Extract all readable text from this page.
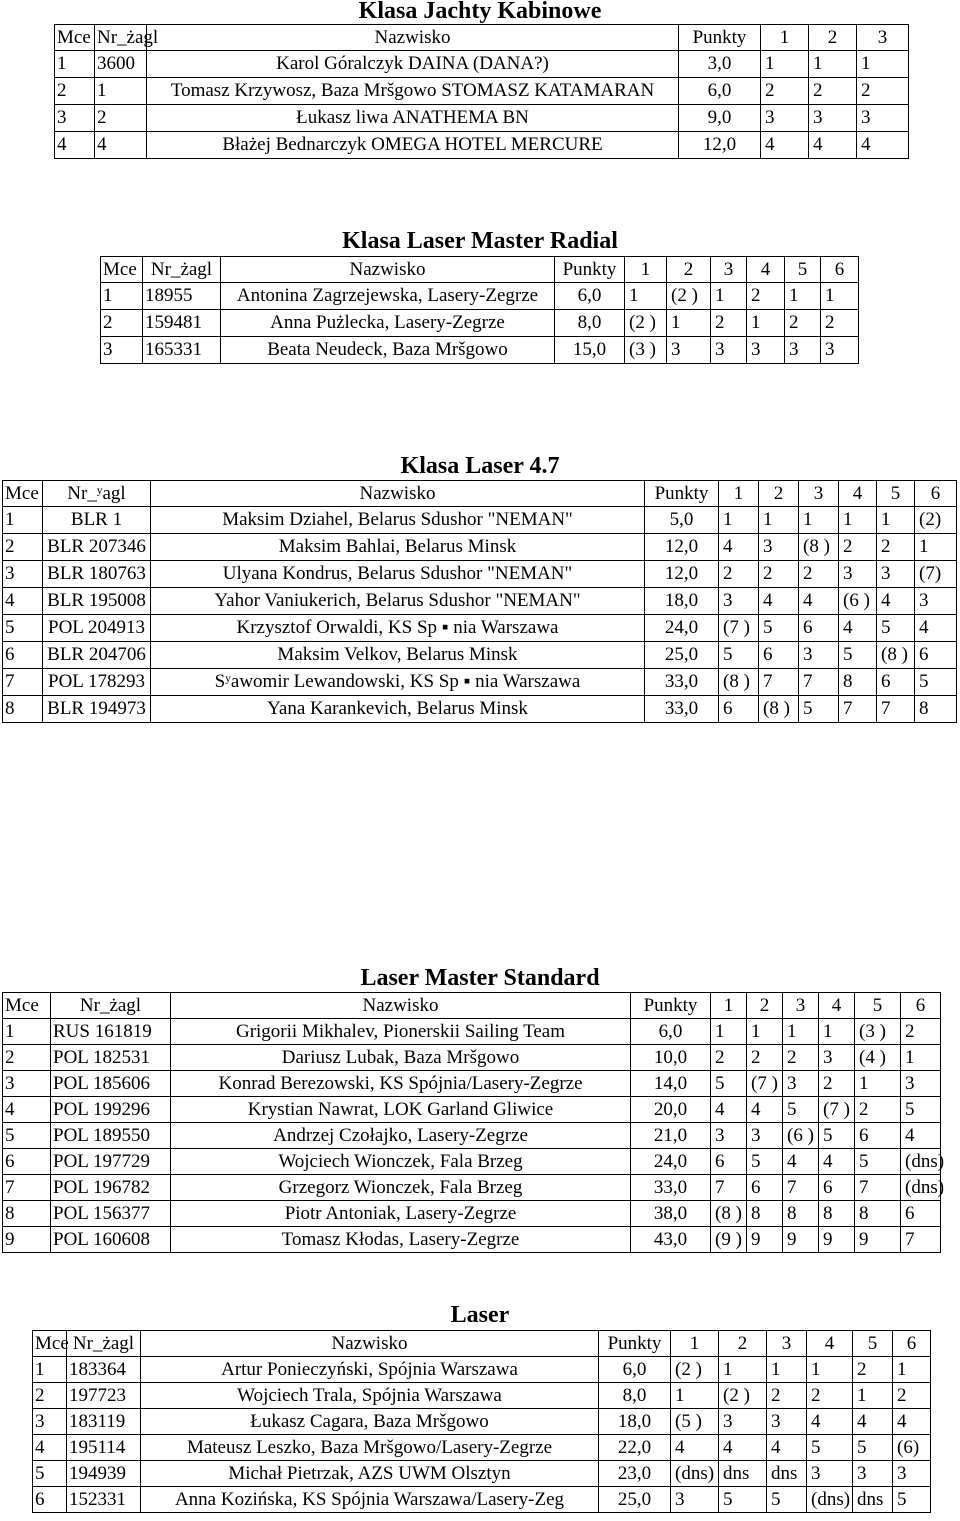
Klasa Jachty Kabinowe
Mce	Nr_żagl	Nazwisko	Punkty	1	2	3
1	3600	Karol Góralczyk DAINA (DANA?)	3,0	1	1	1
2	1	Tomasz Krzywosz, Baza Mršgowo STOMASZ KATAMARAN	6,0	2	2	2
3	2	Łukasz liwa ANATHEMA BN	9,0	3	3	3
4	4	Błażej Bednarczyk OMEGA HOTEL MERCURE	12,0	4	4	4
Klasa Laser Master Radial
Mce	Nr_żagl	Nazwisko	Punkty	1	2	3	4	5	6
1	18955	Antonina Zagrzejewska, Lasery-Zegrze	6,0	1	(2 )	1	2	1	1
2	159481	Anna Pużlecka, Lasery-Zegrze	8,0	(2 )	1	2	1	2	2
3	165331	Beata Neudeck, Baza Mršgowo	15,0	(3 )	3	3	3	3	3
Klasa Laser 4.7
Mce	Nr_ʸagl	Nazwisko	Punkty	1	2	3	4	5	6
1	BLR 1	Maksim Dziahel, Belarus Sdushor "NEMAN"	5,0	1	1	1	1	1	(2)
2	BLR 207346	Maksim Bahlai, Belarus Minsk	12,0	4	3	(8 )	2	2	1
3	BLR 180763	Ulyana Kondrus, Belarus Sdushor "NEMAN"	12,0	2	2	2	3	3	(7)
4	BLR 195008	Yahor Vaniukerich, Belarus Sdushor "NEMAN"	18,0	3	4	4	(6 )	4	3
5	POL 204913	Krzysztof Orwaldi, KS Sp ▪ nia Warszawa	24,0	(7 )	5	6	4	5	4
6	BLR 204706	Maksim Velkov, Belarus Minsk	25,0	5	6	3	5	(8 )	6
7	POL 178293	Sʸawomir Lewandowski, KS Sp ▪ nia Warszawa	33,0	(8 )	7	7	8	6	5
8	BLR 194973	Yana Karankevich, Belarus Minsk	33,0	6	(8 )	5	7	7	8
Laser Master Standard
Mce	Nr_żagl	Nazwisko	Punkty	1	2	3	4	5	6
1	RUS 161819	Grigorii Mikhalev, Pionerskii Sailing Team	6,0	1	1	1	1	(3 )	2
2	POL 182531	Dariusz Lubak, Baza Mršgowo	10,0	2	2	2	3	(4 )	1
3	POL 185606	Konrad Berezowski, KS Spójnia/Lasery-Zegrze	14,0	5	(7 )	3	2	1	3
4	POL 199296	Krystian Nawrat, LOK Garland Gliwice	20,0	4	4	5	(7 )	2	5
5	POL 189550	Andrzej Czołajko, Lasery-Zegrze	21,0	3	3	(6 )	5	6	4
6	POL 197729	Wojciech Wionczek, Fala Brzeg	24,0	6	5	4	4	5	(dns)
7	POL 196782	Grzegorz Wionczek, Fala Brzeg	33,0	7	6	7	6	7	(dns)
8	POL 156377	Piotr Antoniak, Lasery-Zegrze	38,0	(8 )	8	8	8	8	6
9	POL 160608	Tomasz Kłodas, Lasery-Zegrze	43,0	(9 )	9	9	9	9	7
Laser
Mce	Nr_żagl	Nazwisko	Punkty	1	2	3	4	5	6
1	183364	Artur Ponieczyński, Spójnia Warszawa	6,0	(2 )	1	1	1	2	1
2	197723	Wojciech Trala, Spójnia Warszawa	8,0	1	(2 )	2	2	1	2
3	183119	Łukasz Cagara, Baza Mršgowo	18,0	(5 )	3	3	4	4	4
4	195114	Mateusz Leszko, Baza Mršgowo/Lasery-Zegrze	22,0	4	4	4	5	5	(6)
5	194939	Michał Pietrzak, AZS UWM Olsztyn	23,0	(dns)	dns	dns	3	3	3
6	152331	Anna Kozińska, KS Spójnia Warszawa/Lasery-Zeg	25,0	3	5	5	(dns)	dns	5
